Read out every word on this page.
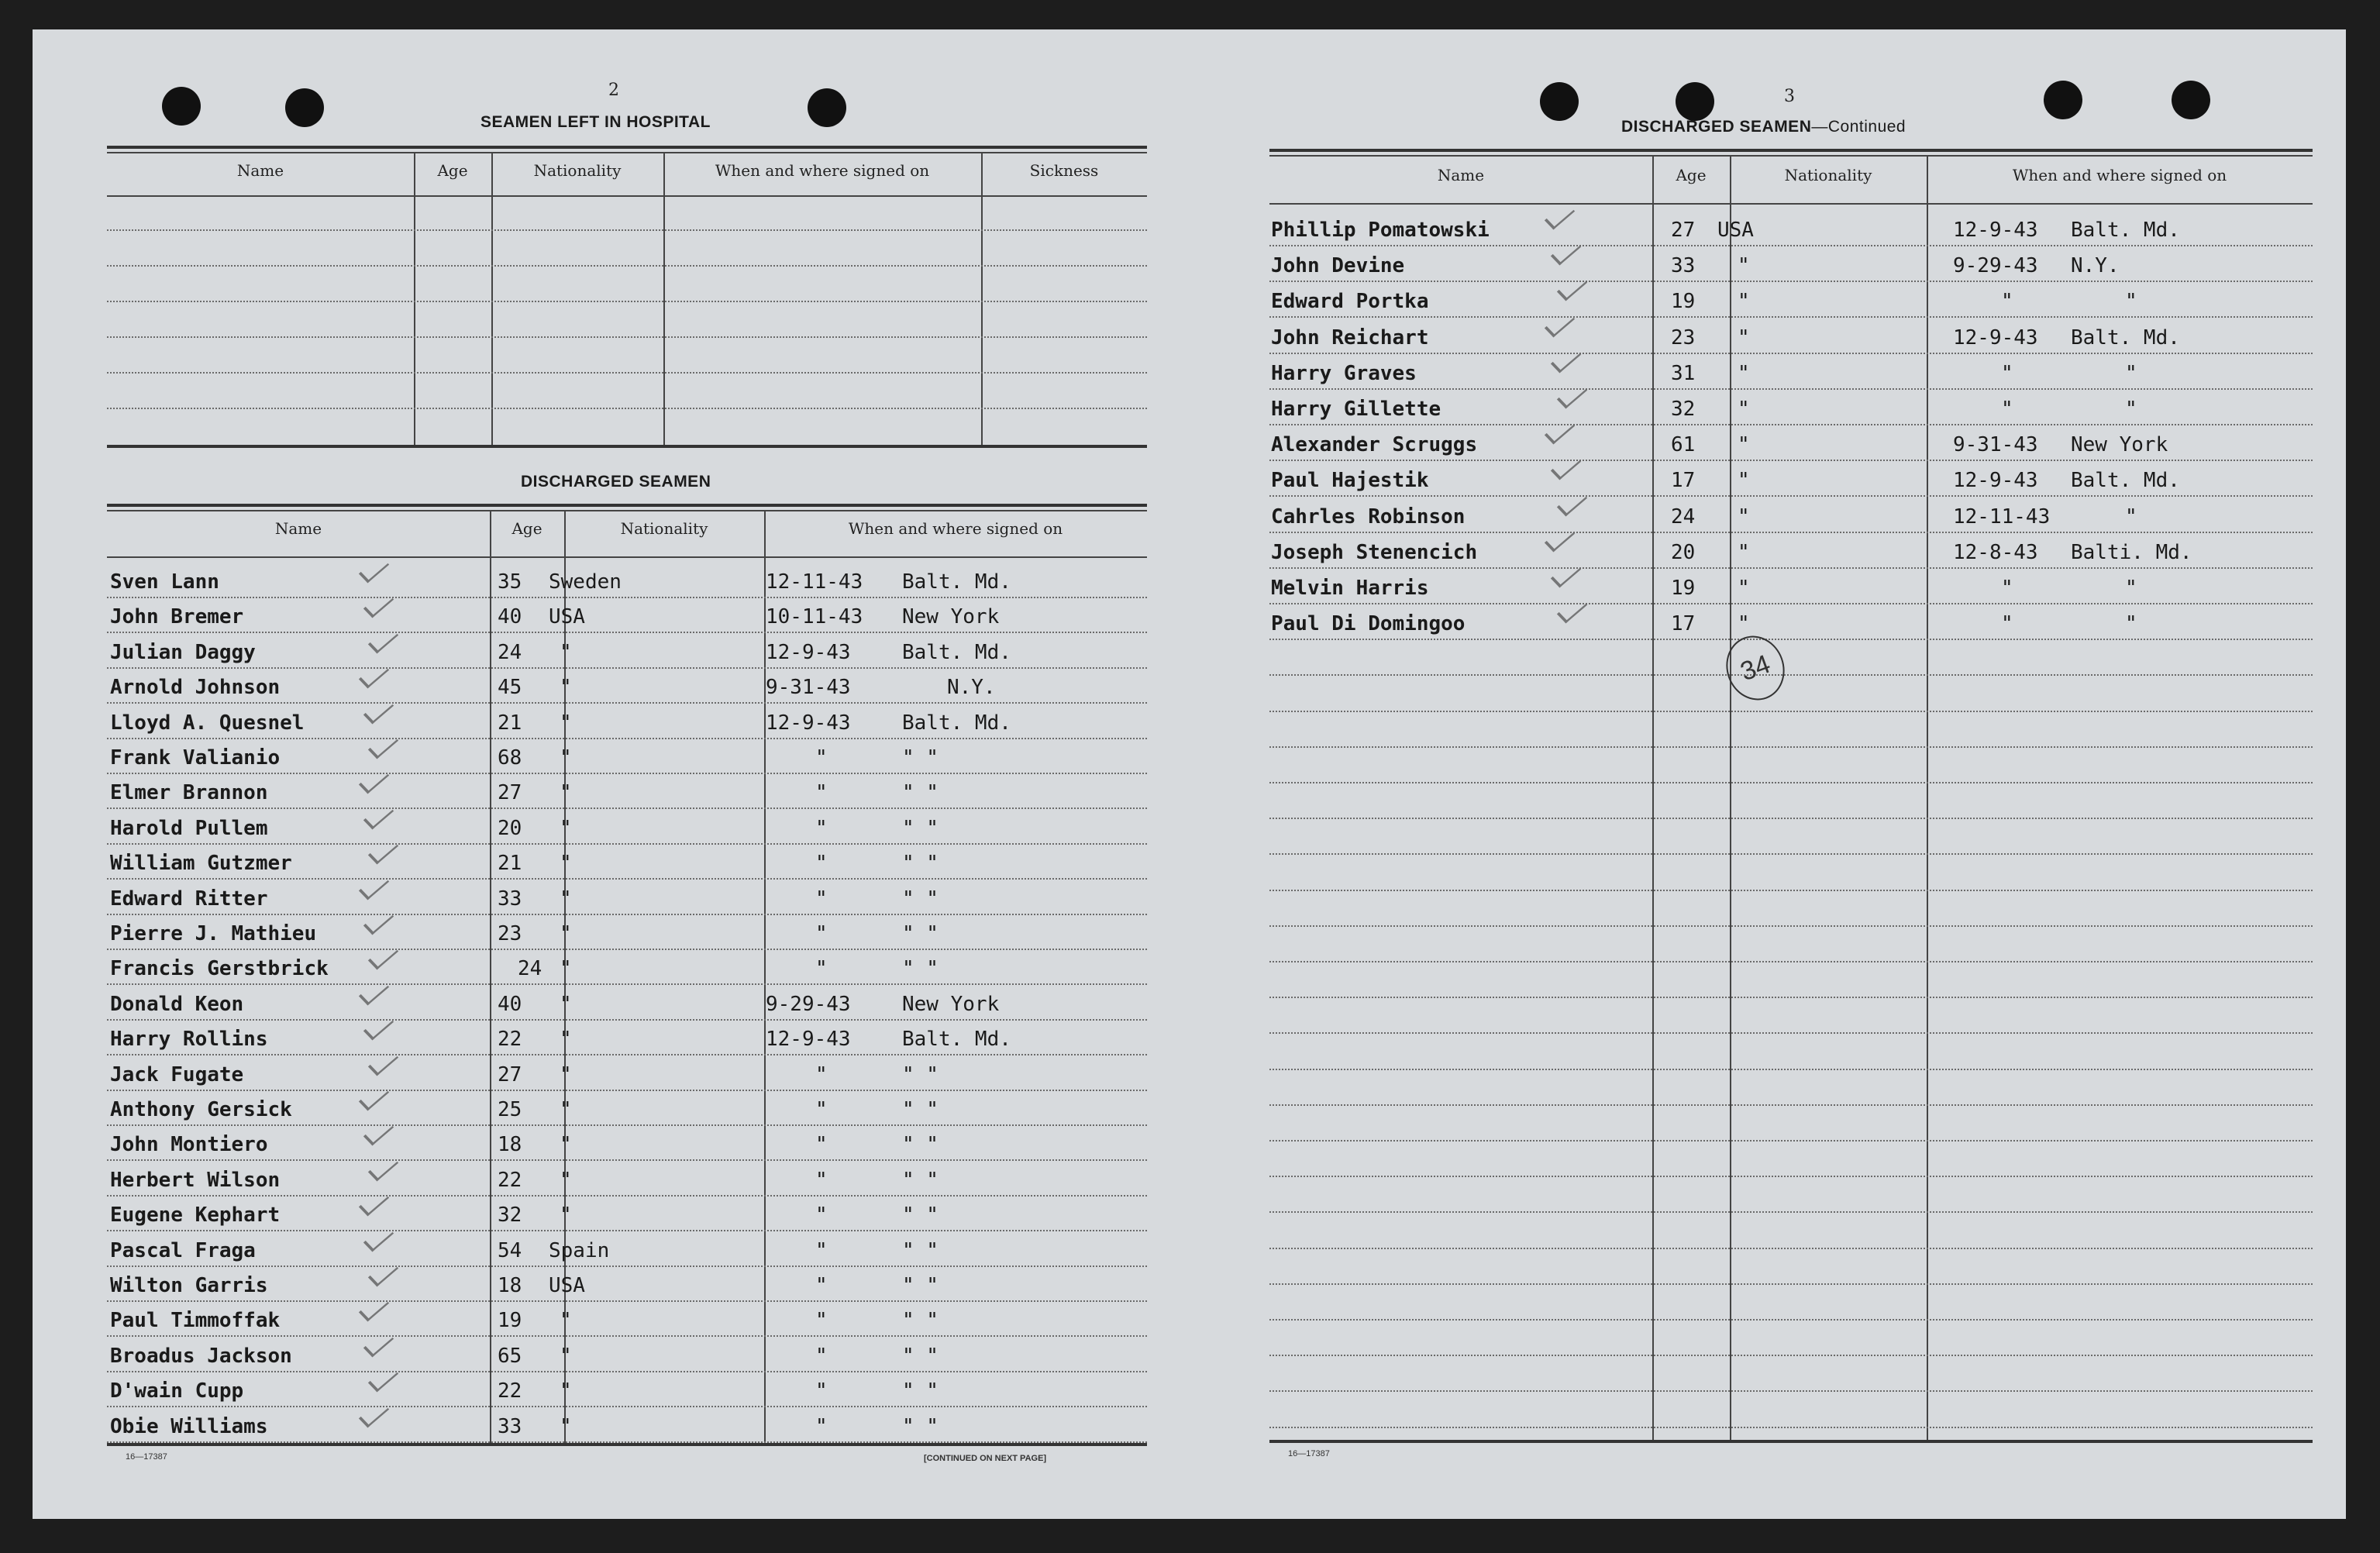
2
SEAMEN LEFT IN HOSPITAL
Name	Age	Nationality	When and where signed on	Sickness
DISCHARGED SEAMEN
Name	Age	Nationality	When and where signed on
Sven Lann	35 Sweden	12-11-43 Balt. Md.
John Bremer	40 USA	10-11-43 New York
Julian Daggy	24 "	12-9-43	Balt. Md.
Arnold Johnson	45 "	9-31-43	N.Y.
Lloyd A. Quesnel	21 "	12-9-43	Balt. Md.
Frank Valianio	68 "	"	" "
Elmer Brannon	27 "	"	" "
Harold Pullem	20 "	"	" "
William Gutzmer	21 "	"	" "
Edward Ritter	33 "	"	" "
Pierre J. Mathieu	23 "	"	" "
Francis Gerstbrick	24 "	"	" "
Donald Keon	40 "	9-29-43	New York
Harry Rollins	22 "	12-9-43	Balt. Md.
Jack Fugate	27 "	"	" "
Anthony Gersick	25 "	"	" "
John Montiero	18 "	"	" "
Herbert Wilson	22 "	"	" "
Eugene Kephart	32 "	"	" "
Pascal Fraga	54 Spain	"	" "
Wilton Garris	18 USA	"	" "
Paul Timmoffak	19 "	"	" "
Broadus Jackson	65 "	"	" "
D'wain Cupp	22 "	"	" "
Obie Williams	33 "	"	" "
16—17387	[CONTINUED ON NEXT PAGE]
3
DISCHARGED SEAMEN—Continued
Name	Age	Nationality	When and where signed on
Phillip Pomatowski	27 USA	12-9-43 Balt. Md.
John Devine	33 "	9-29-43 N.Y.
Edward Portka	19 "	"	"
John Reichart	23 "	12-9-43 Balt. Md.
Harry Graves	31 "	"	"
Harry Gillette	32 "	"	"
Alexander Scruggs	61 "	9-31-43 New York
Paul Hajestik	17 "	12-9-43 Balt. Md.
Cahrles Robinson	24 "	12-11-43	"
Joseph Stenencich	20 "	12-8-43 Balti. Md.
Melvin Harris	19 "	"	"
Paul Di Domingoo	17 "	"	"
34
16—17387
